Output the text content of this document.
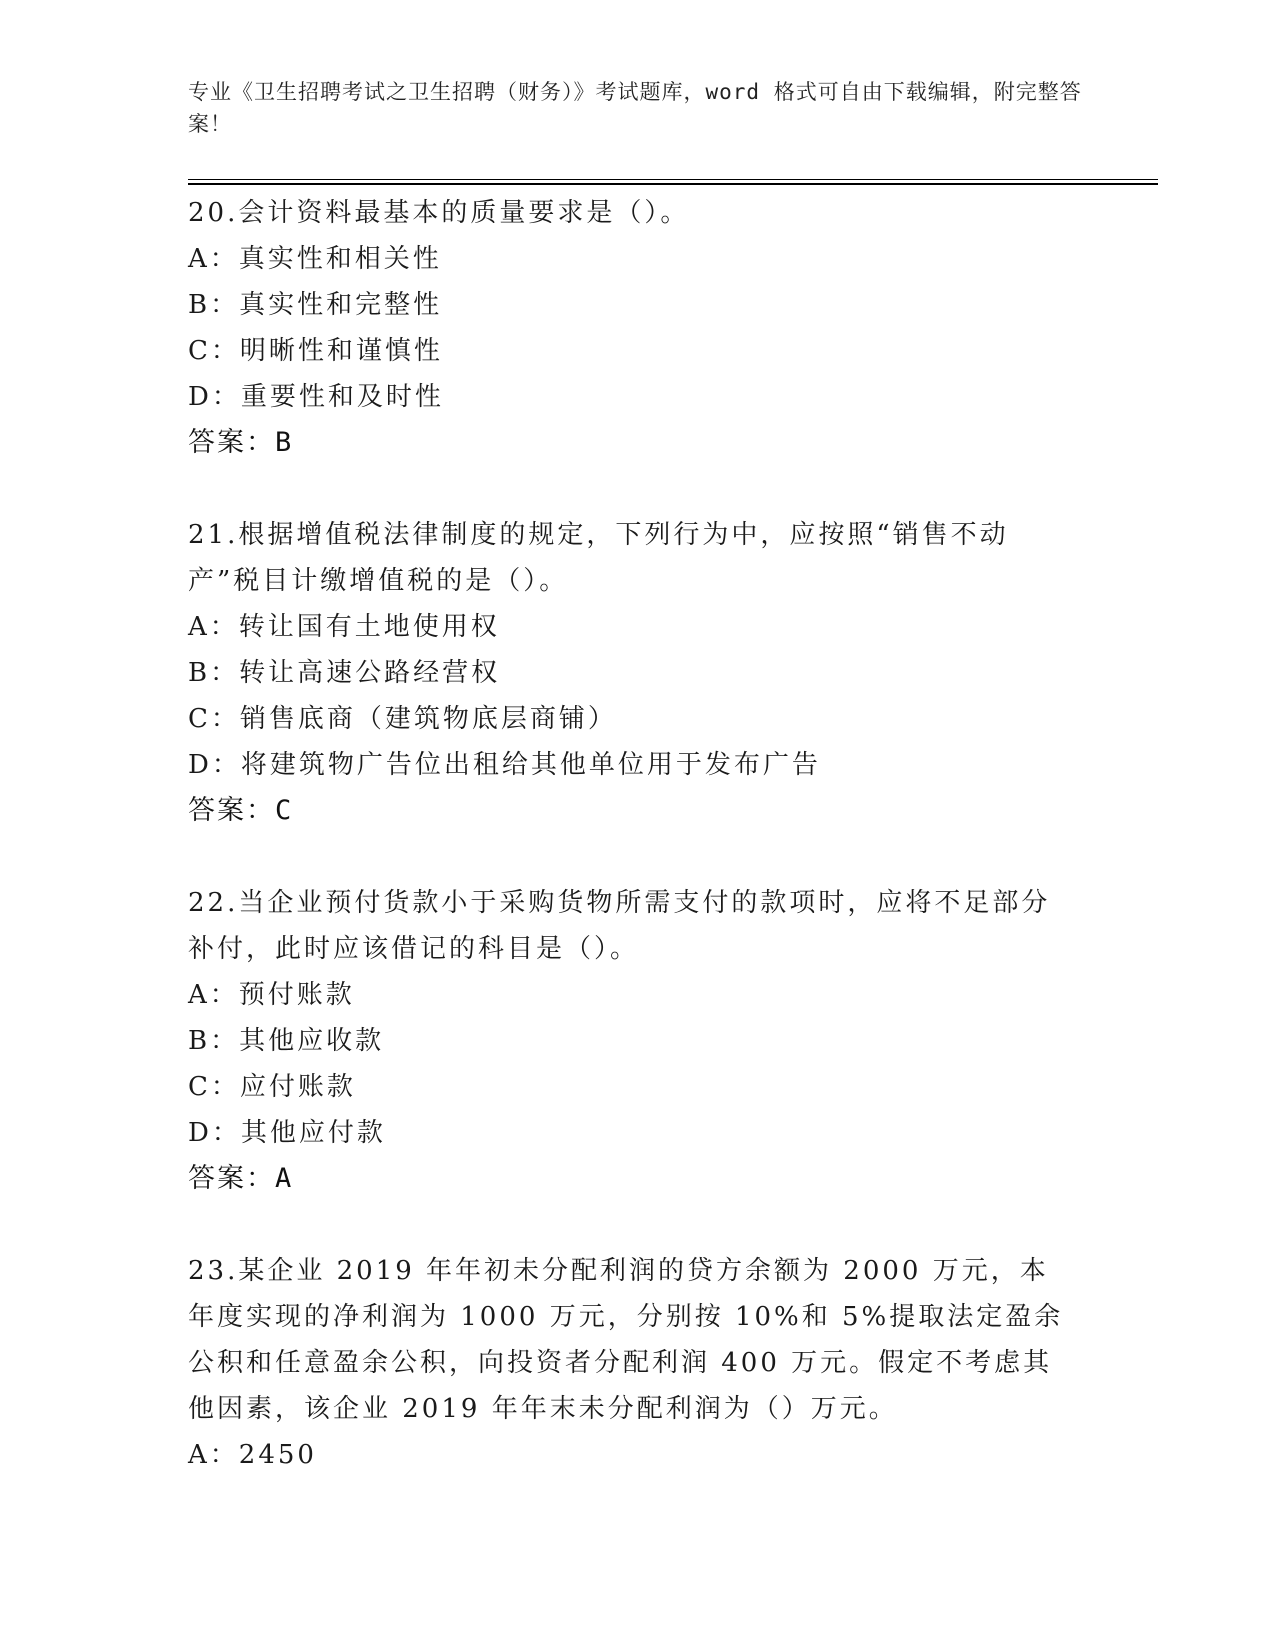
专业《卫生招聘考试之卫生招聘（财务）》考试题库，word 格式可自由下载编辑，附完整答案！
20.会计资料最基本的质量要求是（）。
A：真实性和相关性
B：真实性和完整性
C：明晰性和谨慎性
D：重要性和及时性
答案：B
21.根据增值税法律制度的规定，下列行为中，应按照“销售不动产”税目计缴增值税的是（）。
A：转让国有土地使用权
B：转让高速公路经营权
C：销售底商（建筑物底层商铺）
D：将建筑物广告位出租给其他单位用于发布广告
答案：C
22.当企业预付货款小于采购货物所需支付的款项时，应将不足部分补付，此时应该借记的科目是（）。
A：预付账款
B：其他应收款
C：应付账款
D：其他应付款
答案：A
23.某企业 2019 年年初未分配利润的贷方余额为 2000 万元，本年度实现的净利润为 1000 万元，分别按 10%和 5%提取法定盈余公积和任意盈余公积，向投资者分配利润 400 万元。假定不考虑其他因素，该企业 2019 年年末未分配利润为（）万元。
A：2450
